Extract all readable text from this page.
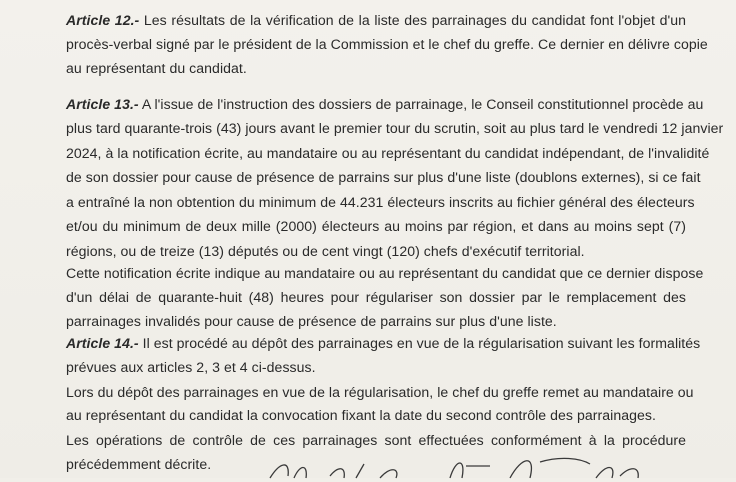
Article 12.- Les résultats de la vérification de la liste des parrainages du candidat font l'objet d'un
procès-verbal signé par le président de la Commission et le chef du greffe. Ce dernier en délivre copie
au représentant du candidat.
Article 13.- A l'issue de l'instruction des dossiers de parrainage, le Conseil constitutionnel procède au
plus tard quarante-trois (43) jours avant le premier tour du scrutin, soit au plus tard le vendredi 12 janvier
2024, à la notification écrite, au mandataire ou au représentant du candidat indépendant, de l'invalidité
de son dossier pour cause de présence de parrains sur plus d'une liste (doublons externes), si ce fait
a entraîné la non obtention du minimum de 44.231 électeurs inscrits au fichier général des électeurs
et/ou du minimum de deux mille (2000) électeurs au moins par région, et dans au moins sept (7)
régions, ou de treize (13) députés ou de cent vingt (120) chefs d'exécutif territorial.
Cette notification écrite indique au mandataire ou au représentant du candidat que ce dernier dispose
d'un délai de quarante-huit (48) heures pour régulariser son dossier par le remplacement des
parrainages invalidés pour cause de présence de parrains sur plus d'une liste.
Article 14.- Il est procédé au dépôt des parrainages en vue de la régularisation suivant les formalités
prévues aux articles 2, 3 et 4 ci-dessus.
Lors du dépôt des parrainages en vue de la régularisation, le chef du greffe remet au mandataire ou
au représentant du candidat la convocation fixant la date du second contrôle des parrainages.
Les opérations de contrôle de ces parrainages sont effectuées conformément à la procédure
précédemment décrite.
